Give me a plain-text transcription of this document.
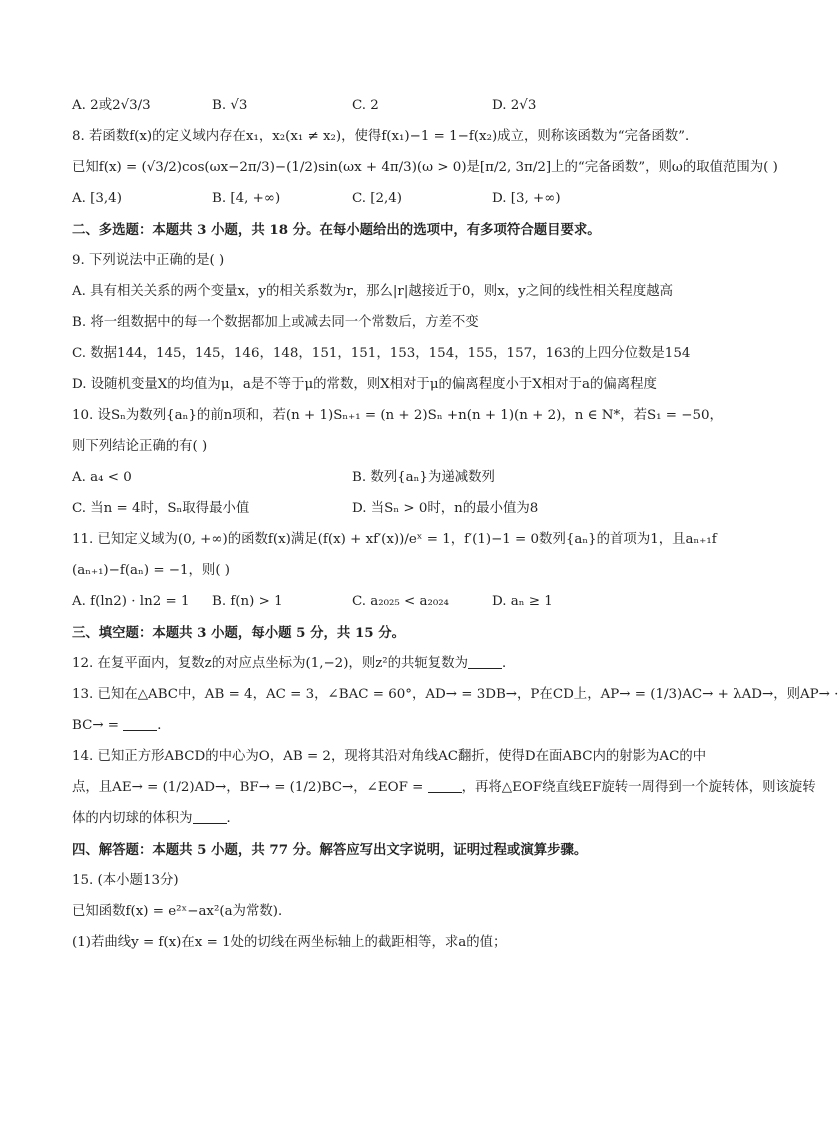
A. 2或2√3/3	B. √3	C. 2	D. 2√3
8. 若函数f(x)的定义域内存在x₁，x₂(x₁ ≠ x₂)，使得f(x₁)−1 = 1−f(x₂)成立，则称该函数为“完备函数”．
已知f(x) = (√3/2)cos(ωx−2π/3)−(1/2)sin(ωx + 4π/3)(ω > 0)是[π/2, 3π/2]上的“完备函数”，则ω的取值范围为( )
A. [3,4)	B. [4, +∞)	C. [2,4)	D. [3, +∞)
二、多选题：本题共 3 小题，共 18 分。在每小题给出的选项中，有多项符合题目要求。
9. 下列说法中正确的是( )
A. 具有相关关系的两个变量x，y的相关系数为r，那么|r|越接近于0，则x，y之间的线性相关程度越高
B. 将一组数据中的每一个数据都加上或减去同一个常数后，方差不变
C. 数据144，145，145，146，148，151，151，153，154，155，157，163的上四分位数是154
D. 设随机变量X的均值为μ，a是不等于μ的常数，则X相对于μ的偏离程度小于X相对于a的偏离程度
10. 设Sₙ为数列{aₙ}的前n项和，若(n + 1)Sₙ₊₁ = (n + 2)Sₙ +n(n + 1)(n + 2)，n ∈ N*，若S₁ = −50，
则下列结论正确的有( )
A. a₄ < 0	B. 数列{aₙ}为递减数列
C. 当n = 4时，Sₙ取得最小值	D. 当Sₙ > 0时，n的最小值为8
11. 已知定义域为(0, +∞)的函数f(x)满足(f(x) + xf′(x))/eˣ = 1，f′(1)−1 = 0数列{aₙ}的首项为1，且aₙ₊₁f
(aₙ₊₁)−f(aₙ) = −1，则( )
A. f(ln2) · ln2 = 1	B. f(n) > 1	C. a₂₀₂₅ < a₂₀₂₄	D. aₙ ≥ 1
三、填空题：本题共 3 小题，每小题 5 分，共 15 分。
12. 在复平面内，复数z的对应点坐标为(1,−2)，则z²的共轭复数为	．
13. 已知在△ABC中，AB = 4，AC = 3，∠BAC = 60°，AD→ = 3DB→，P在CD上，AP→ = (1/3)AC→ + λAD→，则AP→ ·
BC→ =	．
14. 已知正方形ABCD的中心为O，AB = 2，现将其沿对角线AC翻折，使得D在面ABC内的射影为AC的中
点，且AE→ = (1/2)AD→，BF→ = (1/2)BC→，∠EOF =	，再将△EOF绕直线EF旋转一周得到一个旋转体，则该旋转
体的内切球的体积为	．
四、解答题：本题共 5 小题，共 77 分。解答应写出文字说明，证明过程或演算步骤。
15. (本小题13分)
已知函数f(x) = e²ˣ−ax²(a为常数)．
(1)若曲线y = f(x)在x = 1处的切线在两坐标轴上的截距相等，求a的值；
